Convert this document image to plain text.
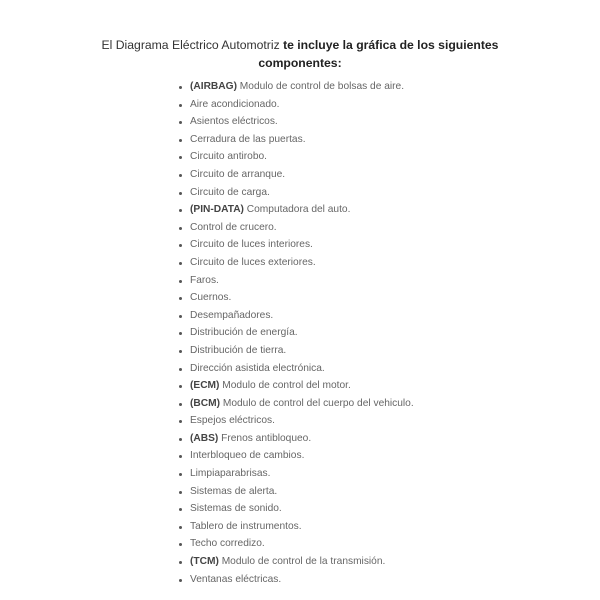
El Diagrama Eléctrico Automotriz te incluye la gráfica de los siguientes componentes:
(AIRBAG) Modulo de control de bolsas de aire.
Aire acondicionado.
Asientos eléctricos.
Cerradura de las puertas.
Circuito antirobo.
Circuito de arranque.
Circuito de carga.
(PIN-DATA) Computadora del auto.
Control de crucero.
Circuito de luces interiores.
Circuito de luces exteriores.
Faros.
Cuernos.
Desempañadores.
Distribución de energía.
Distribución de tierra.
Dirección asistida electrónica.
(ECM) Modulo de control del motor.
(BCM) Modulo de control del cuerpo del vehiculo.
Espejos eléctricos.
(ABS) Frenos antibloqueo.
Interbloqueo de cambios.
Limpiaparabrisas.
Sistemas de alerta.
Sistemas de sonido.
Tablero de instrumentos.
Techo corredizo.
(TCM) Modulo de control de la transmisión.
Ventanas eléctricas.
